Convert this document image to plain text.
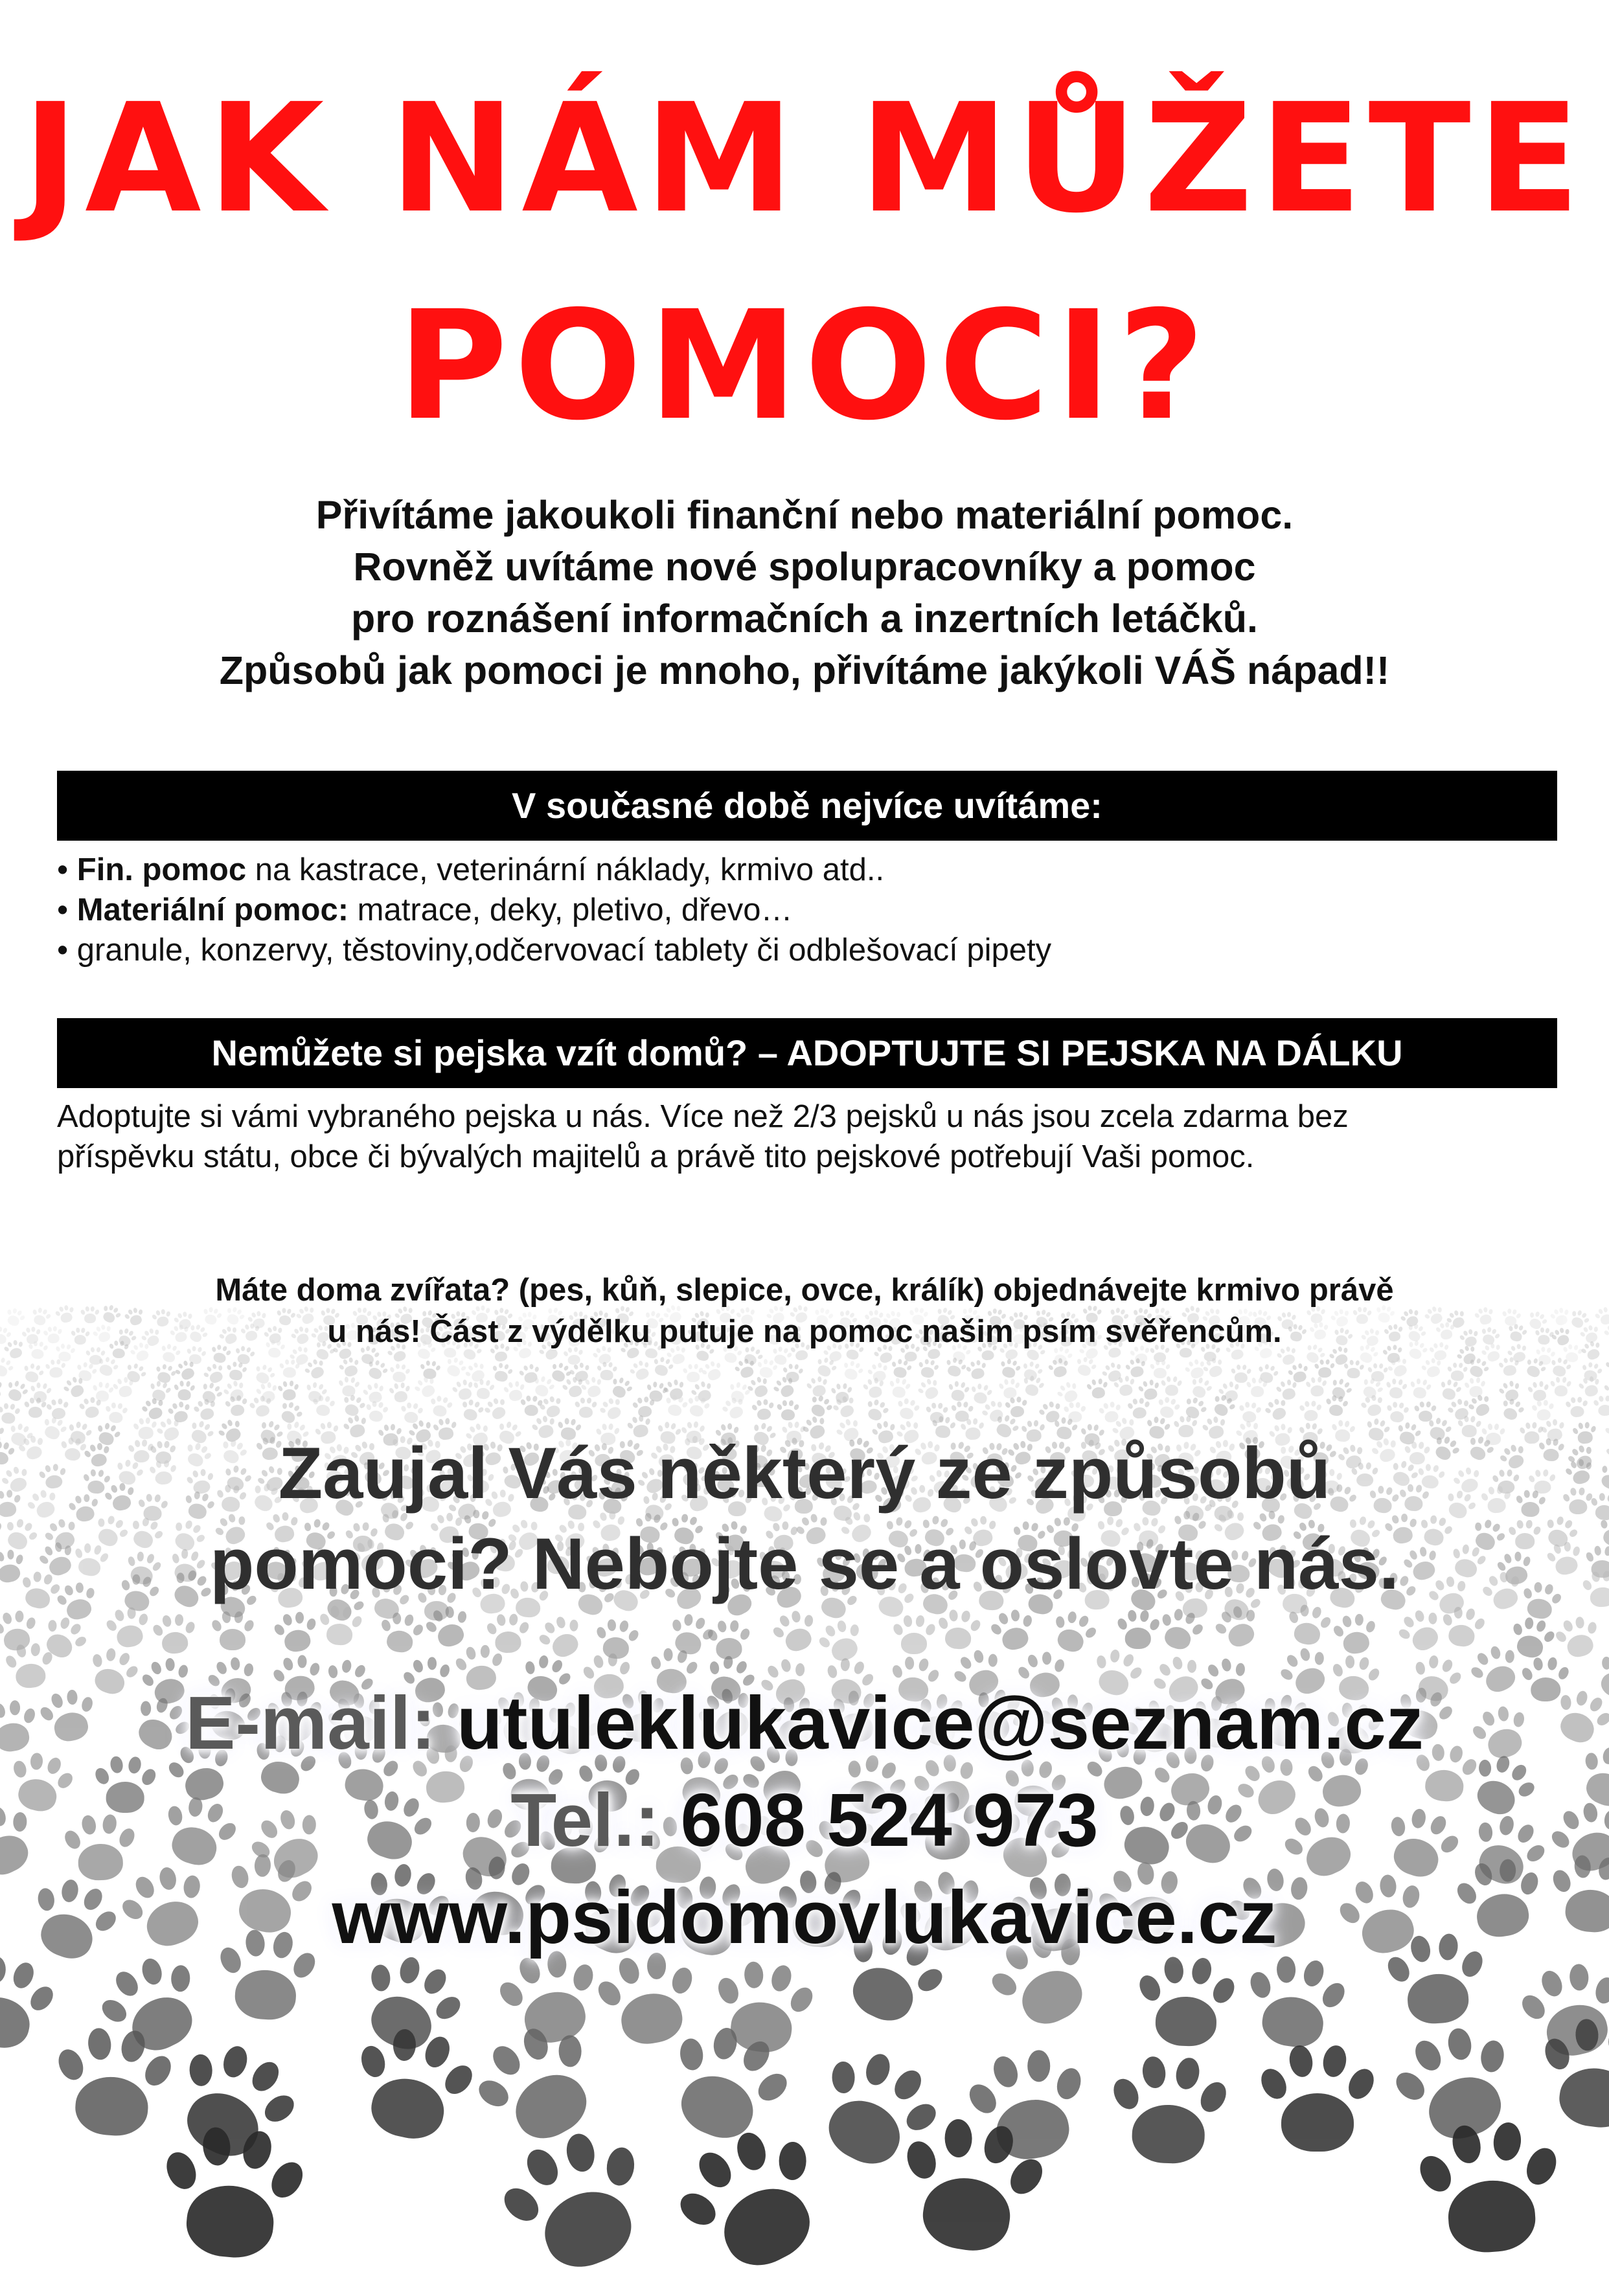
JAK NÁM MŮŽETE
POMOCI?
Přivítáme jakoukoli finanční nebo materiální pomoc.
Rovněž uvítáme nové spolupracovníky a pomoc
pro roznášení informačních a inzertních letáčků.
Způsobů jak pomoci je mnoho, přivítáme jakýkoli VÁŠ nápad!!
V současné době nejvíce uvítáme:
• Fin. pomoc na kastrace, veterinární náklady, krmivo atd..
• Materiální pomoc: matrace, deky, pletivo, dřevo…
• granule, konzervy, těstoviny,odčervovací tablety či odblešovací pipety
Nemůžete si pejska vzít domů? – ADOPTUJTE SI PEJSKA NA DÁLKU
Adoptujte si vámi vybraného pejska u nás. Více než 2/3 pejsků u nás jsou zcela zdarma bez
příspěvku státu, obce či bývalých majitelů a právě tito pejskové potřebují Vaši pomoc.
Máte doma zvířata? (pes, kůň, slepice, ovce, králík) objednávejte krmivo právě
u nás! Část z výdělku putuje na pomoc našim psím svěřencům.
Zaujal Vás některý ze způsobů
pomoci? Nebojte se a oslovte nás.
E-mail: utuleklukavice@seznam.cz
Tel.: 608 524 973
www.psidomovlukavice.cz
